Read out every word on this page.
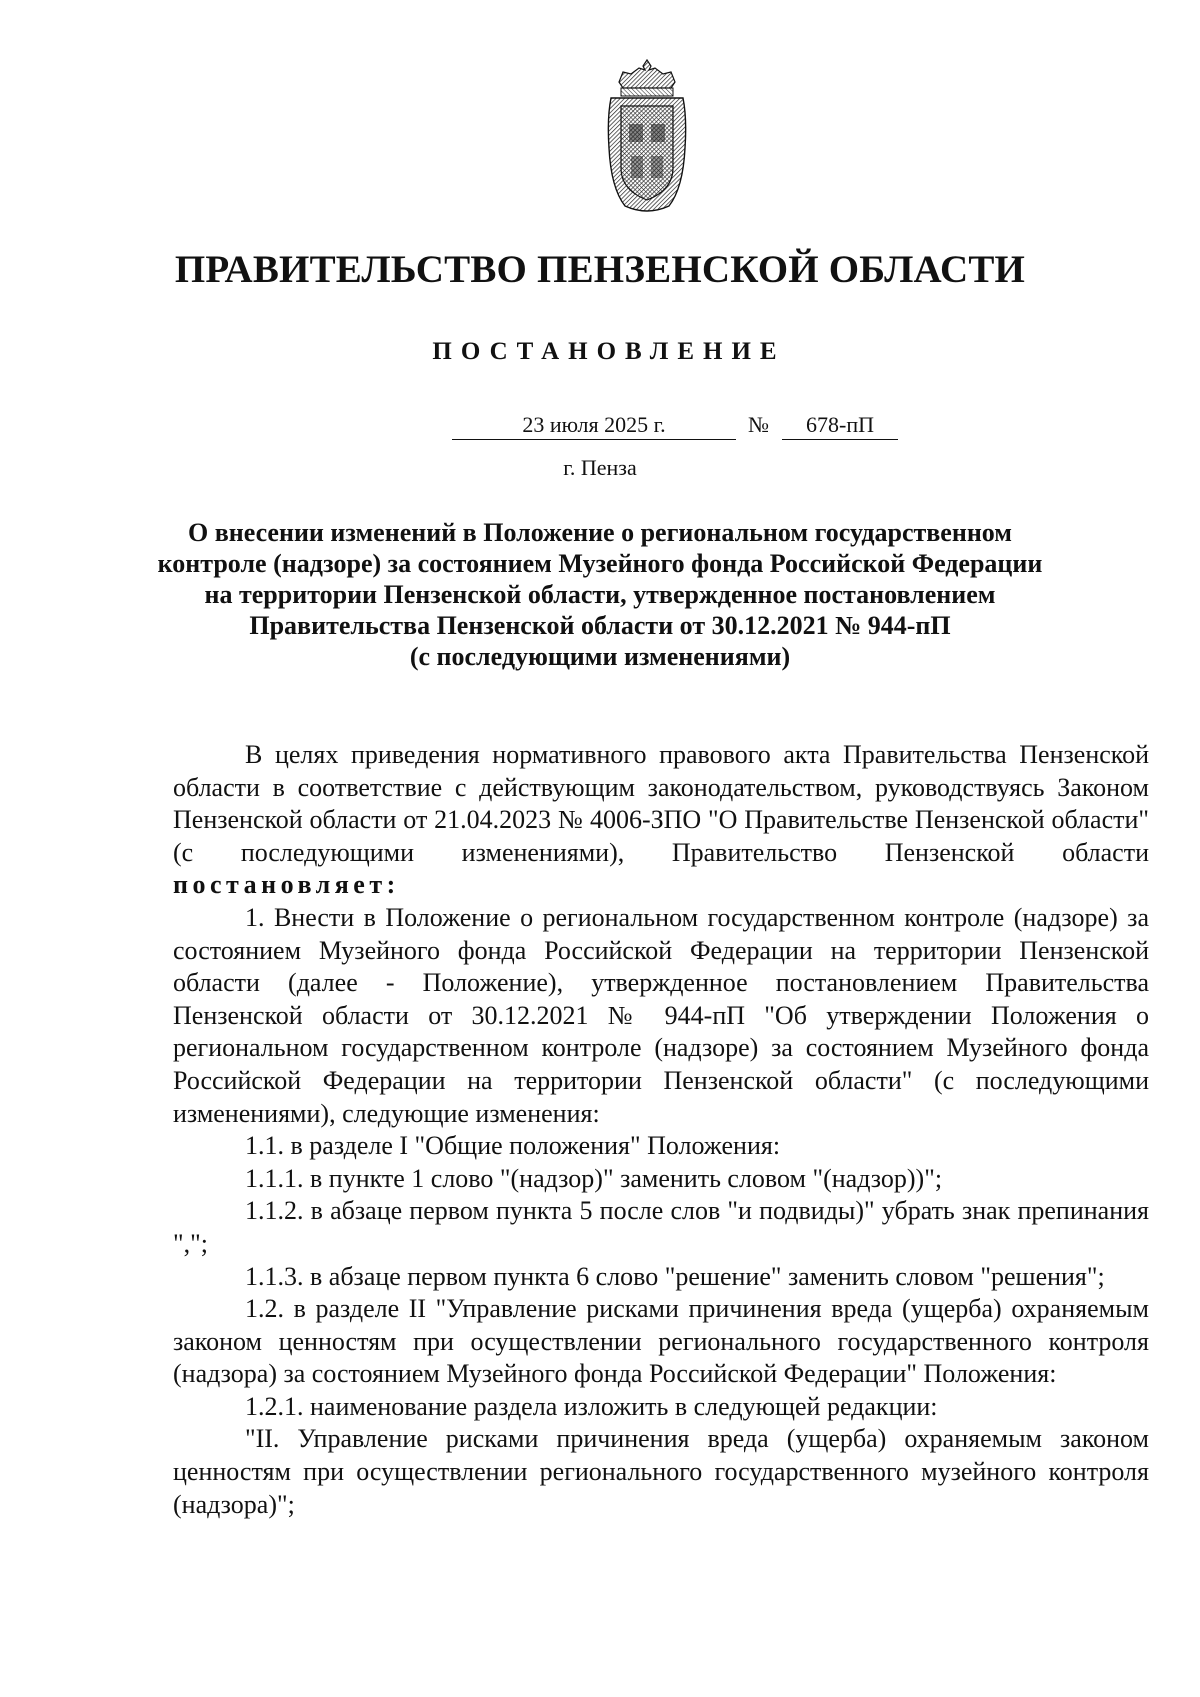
ПРАВИТЕЛЬСТВО ПЕНЗЕНСКОЙ ОБЛАСТИ
ПОСТАНОВЛЕНИЕ
23 июля 2025 г.	№	678-пП
г. Пенза
О внесении изменений в Положение о региональном государственном
контроле (надзоре) за состоянием Музейного фонда Российской Федерации
на территории Пензенской области, утвержденное постановлением
Правительства Пензенской области от 30.12.2021 № 944-пП
(с последующими изменениями)

В целях приведения нормативного правового акта Правительства Пензенской области в соответствие с действующим законодательством, руководствуясь Законом Пензенской области от 21.04.2023 № 4006-ЗПО "О Правительстве Пензенской области" (с последующими изменениями), Правительство Пензенской области постановляет:

1. Внести в Положение о региональном государственном контроле (надзоре) за состоянием Музейного фонда Российской Федерации на территории Пензенской области (далее - Положение), утвержденное постановлением Правительства Пензенской области от 30.12.2021 № 944-пП "Об утверждении Положения о региональном государственном контроле (надзоре) за состоянием Музейного фонда Российской Федерации на территории Пензенской области" (с последующими изменениями), следующие изменения:

1.1. в разделе I "Общие положения" Положения:

1.1.1. в пункте 1 слово "(надзор)" заменить словом "(надзор))";

1.1.2. в абзаце первом пункта 5 после слов "и подвиды)" убрать знак препинания ",";

1.1.3. в абзаце первом пункта 6 слово "решение" заменить словом "решения";

1.2. в разделе II "Управление рисками причинения вреда (ущерба) охраняемым законом ценностям при осуществлении регионального государственного контроля (надзора) за состоянием Музейного фонда Российской Федерации" Положения:

1.2.1. наименование раздела изложить в следующей редакции:

"II. Управление рисками причинения вреда (ущерба) охраняемым законом ценностям при осуществлении регионального государственного музейного контроля (надзора)";
